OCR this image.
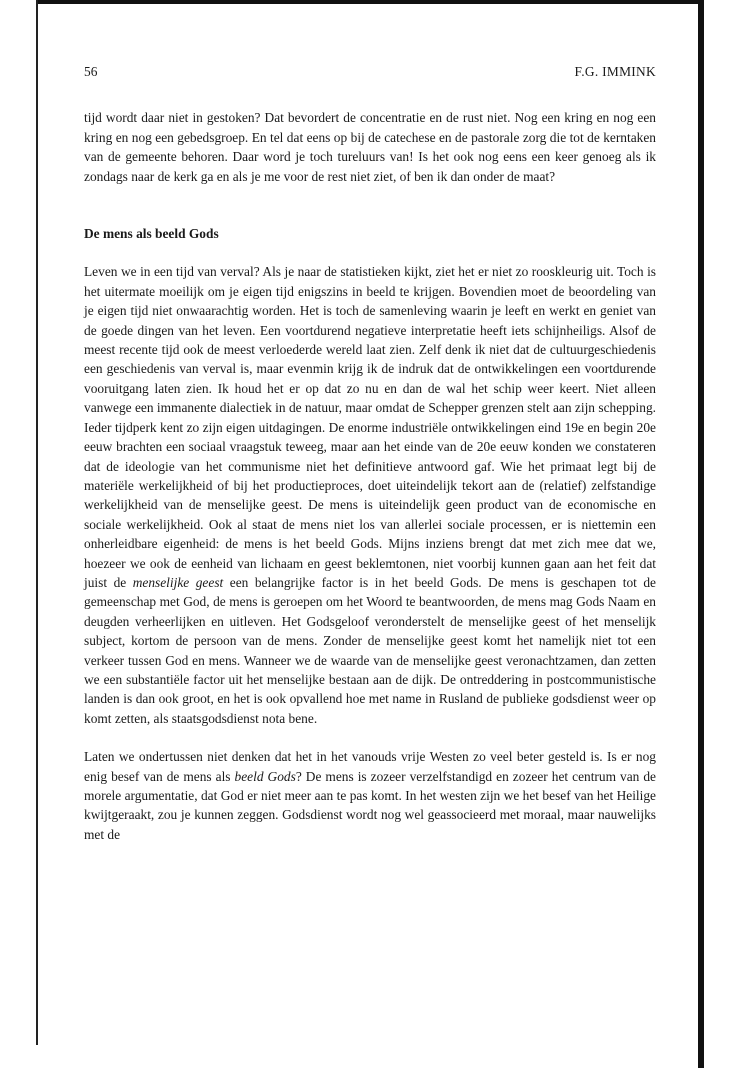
56	F.G. IMMINK

tijd wordt daar niet in gestoken? Dat bevordert de concentratie en de rust niet. Nog een kring en nog een kring en nog een gebedsgroep. En tel dat eens op bij de catechese en de pastorale zorg die tot de kerntaken van de gemeente behoren. Daar word je toch tureluurs van! Is het ook nog eens een keer genoeg als ik zondags naar de kerk ga en als je me voor de rest niet ziet, of ben ik dan onder de maat?

De mens als beeld Gods

Leven we in een tijd van verval? Als je naar de statistieken kijkt, ziet het er niet zo rooskleurig uit. Toch is het uitermate moeilijk om je eigen tijd enigszins in beeld te krijgen. Bovendien moet de beoordeling van je eigen tijd niet onwaarachtig worden. Het is toch de samenleving waarin je leeft en werkt en geniet van de goede dingen van het leven. Een voortdurend negatieve interpretatie heeft iets schijnheiligs. Alsof de meest recente tijd ook de meest verloederde wereld laat zien. Zelf denk ik niet dat de cultuurgeschiedenis een geschiedenis van verval is, maar evenmin krijg ik de indruk dat de ontwikkelingen een voortdurende vooruitgang laten zien. Ik houd het er op dat zo nu en dan de wal het schip weer keert. Niet alleen vanwege een immanente dialectiek in de natuur, maar omdat de Schepper grenzen stelt aan zijn schepping. Ieder tijdperk kent zo zijn eigen uitdagingen. De enorme industriële ontwikkelingen eind 19e en begin 20e eeuw brachten een sociaal vraagstuk teweeg, maar aan het einde van de 20e eeuw konden we constateren dat de ideologie van het communisme niet het definitieve antwoord gaf. Wie het primaat legt bij de materiële werkelijkheid of bij het productieproces, doet uiteindelijk tekort aan de (relatief) zelfstandige werkelijkheid van de menselijke geest. De mens is uiteindelijk geen product van de economische en sociale werkelijkheid. Ook al staat de mens niet los van allerlei sociale processen, er is niettemin een onherleidbare eigenheid: de mens is het beeld Gods. Mijns inziens brengt dat met zich mee dat we, hoezeer we ook de eenheid van lichaam en geest beklemtonen, niet voorbij kunnen gaan aan het feit dat juist de menselijke geest een belangrijke factor is in het beeld Gods. De mens is geschapen tot de gemeenschap met God, de mens is geroepen om het Woord te beantwoorden, de mens mag Gods Naam en deugden verheerlijken en uitleven. Het Godsgeloof veronderstelt de menselijke geest of het menselijk subject, kortom de persoon van de mens. Zonder de menselijke geest komt het namelijk niet tot een verkeer tussen God en mens. Wanneer we de waarde van de menselijke geest veronachtzamen, dan zetten we een substantiële factor uit het menselijke bestaan aan de dijk. De ontreddering in postcommunistische landen is dan ook groot, en het is ook opvallend hoe met name in Rusland de publieke godsdienst weer op komt zetten, als staatsgodsdienst nota bene.

Laten we ondertussen niet denken dat het in het vanouds vrije Westen zo veel beter gesteld is. Is er nog enig besef van de mens als beeld Gods? De mens is zozeer verzelfstandigd en zozeer het centrum van de morele argumentatie, dat God er niet meer aan te pas komt. In het westen zijn we het besef van het Heilige kwijtgeraakt, zou je kunnen zeggen. Godsdienst wordt nog wel geassocieerd met moraal, maar nauwelijks met de
